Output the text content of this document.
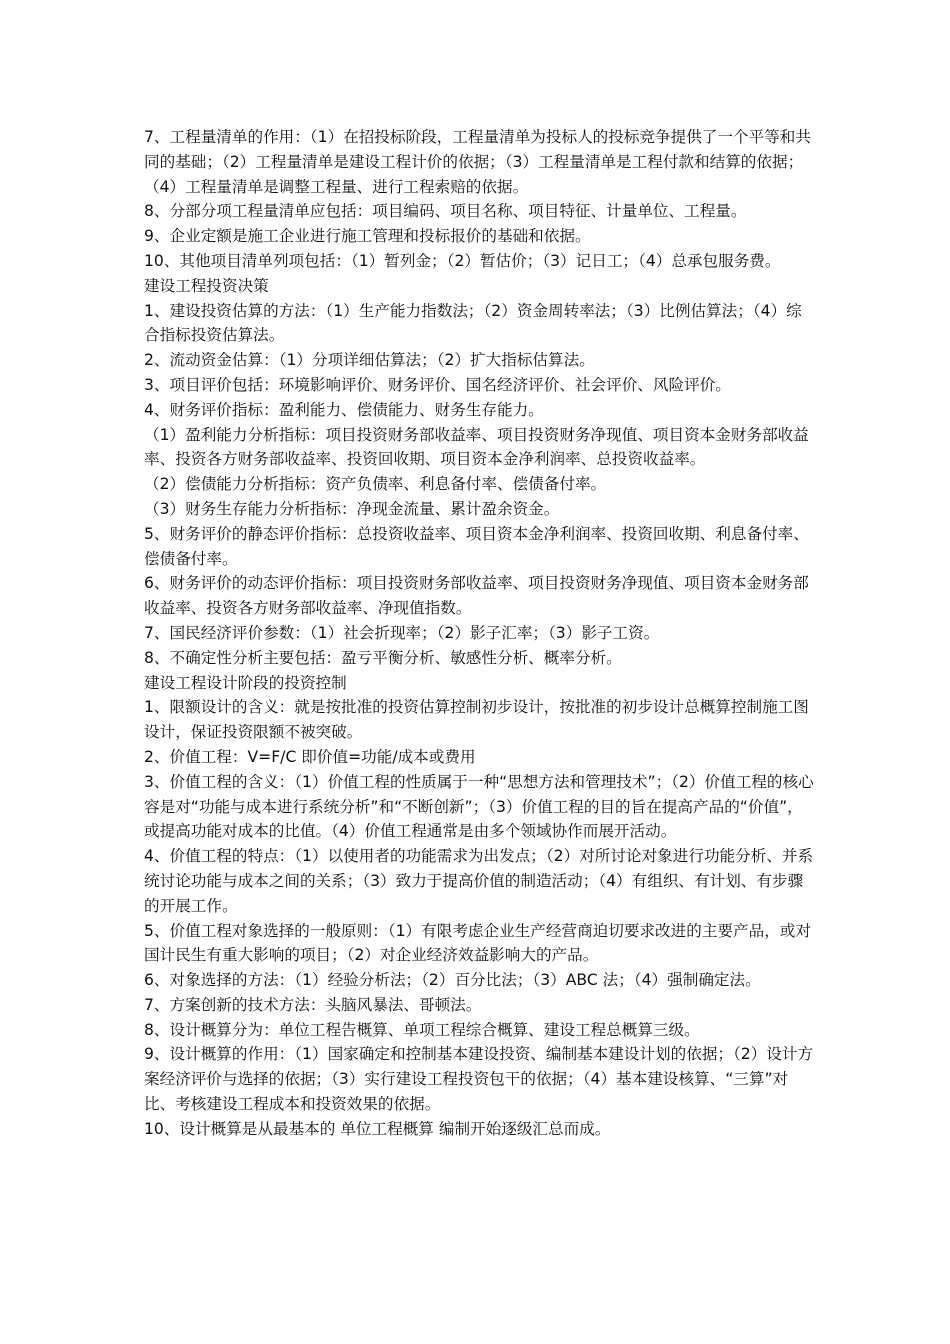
7、工程量清单的作用：（1）在招投标阶段，工程量清单为投标人的投标竞争提供了一个平等和共同的基础；（2）工程量清单是建设工程计价的依据；（3）工程量清单是工程付款和结算的依据；（4）工程量清单是调整工程量、进行工程索赔的依据。

8、分部分项工程量清单应包括：项目编码、项目名称、项目特征、计量单位、工程量。

9、企业定额是施工企业进行施工管理和投标报价的基础和依据。

10、其他项目清单列项包括：（1）暂列金；（2）暂估价；（3）记日工；（4）总承包服务费。

建设工程投资决策

1、建设投资估算的方法：（1）生产能力指数法；（2）资金周转率法；（3）比例估算法；（4）综合指标投资估算法。

2、流动资金估算：（1）分项详细估算法；（2）扩大指标估算法。

3、项目评价包括：环境影响评价、财务评价、国名经济评价、社会评价、风险评价。

4、财务评价指标：盈利能力、偿债能力、财务生存能力。

（1）盈利能力分析指标：项目投资财务部收益率、项目投资财务净现值、项目资本金财务部收益率、投资各方财务部收益率、投资回收期、项目资本金净利润率、总投资收益率。

（2）偿债能力分析指标：资产负债率、利息备付率、偿债备付率。

（3）财务生存能力分析指标：净现金流量、累计盈余资金。

5、财务评价的静态评价指标：总投资收益率、项目资本金净利润率、投资回收期、利息备付率、偿债备付率。

6、财务评价的动态评价指标：项目投资财务部收益率、项目投资财务净现值、项目资本金财务部收益率、投资各方财务部收益率、净现值指数。

7、国民经济评价参数：（1）社会折现率；（2）影子汇率；（3）影子工资。

8、不确定性分析主要包括：盈亏平衡分析、敏感性分析、概率分析。

建设工程设计阶段的投资控制

1、限额设计的含义：就是按批准的投资估算控制初步设计，按批准的初步设计总概算控制施工图设计，保证投资限额不被突破。

2、价值工程：V=F/C 即价值=功能/成本或费用

3、价值工程的含义：（1）价值工程的性质属于一种“思想方法和管理技术”；（2）价值工程的核心容是对“功能与成本进行系统分析”和“不断创新”；（3）价值工程的目的旨在提高产品的“价值”，或提高功能对成本的比值。（4）价值工程通常是由多个领域协作而展开活动。

4、价值工程的特点：（1）以使用者的功能需求为出发点；（2）对所讨论对象进行功能分析、并系统讨论功能与成本之间的关系；（3）致力于提高价值的制造活动；（4）有组织、有计划、有步骤的开展工作。

5、价值工程对象选择的一般原则：（1）有限考虑企业生产经营商迫切要求改进的主要产品，或对国计民生有重大影响的项目；（2）对企业经济效益影响大的产品。

6、对象选择的方法：（1）经验分析法；（2）百分比法；（3）ABC 法；（4）强制确定法。

7、方案创新的技术方法：头脑风暴法、哥顿法。

8、设计概算分为：单位工程告概算、单项工程综合概算、建设工程总概算三级。

9、设计概算的作用：（1）国家确定和控制基本建设投资、编制基本建设计划的依据；（2）设计方案经济评价与选择的依据；（3）实行建设工程投资包干的依据；（4）基本建设核算、“三算”对比、考核建设工程成本和投资效果的依据。

10、设计概算是从最基本的 单位工程概算 编制开始逐级汇总而成。
